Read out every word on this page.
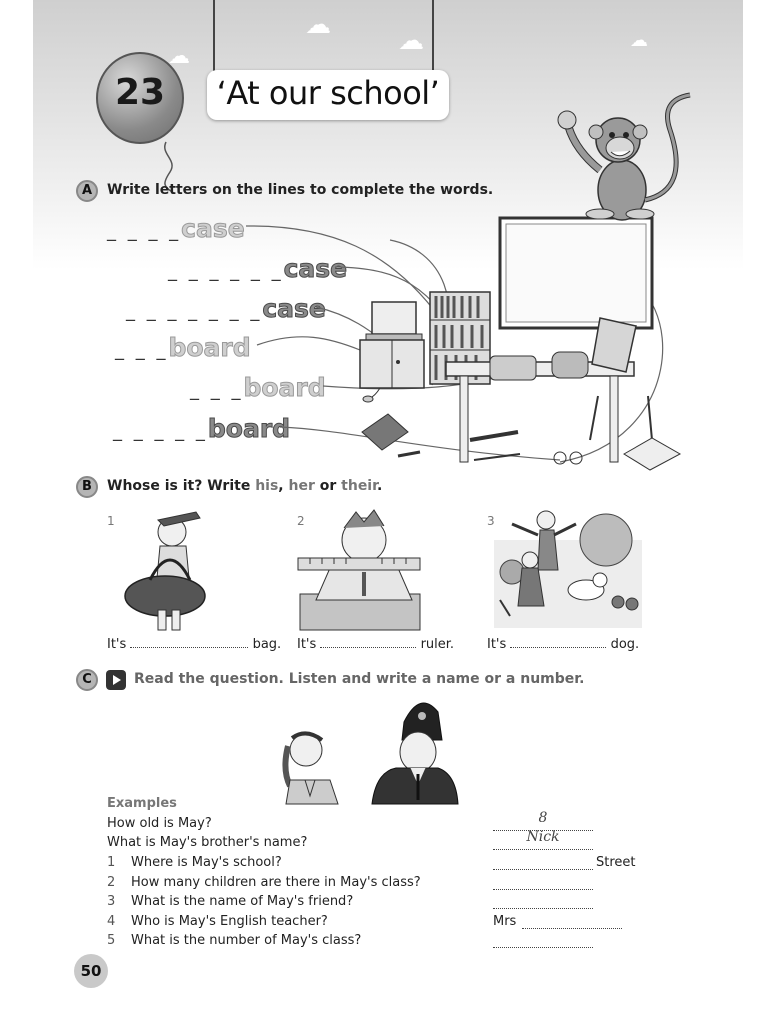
☁
☁	☁
☁
23	‘At our school’
A	Write letters on the lines to complete the words.
_ _ _ _case
_ _ _ _ _ _case
_ _ _ _ _ _ _case
_ _ _board
_ _ _board
_ _ _ _ _board
B	Whose is it? Write his, her or their.
1	2	3
It's	bag. It's	ruler.	It's	dog.
C	Read the question. Listen and write a name or a number.
Examples
How old is May?	8
What is May's brother's name?	Nick
1 Where is May's school?	Street
2 How many children are there in May's class?
3 What is the name of May's friend?
4 Who is May's English teacher?	Mrs
5 What is the number of May's class?
50
